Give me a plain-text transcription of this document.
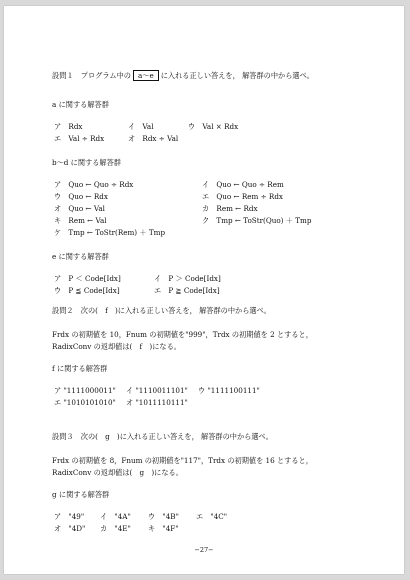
設問１　プログラム中の a〜e に入れる正しい答えを， 解答群の中から選べ。
a に関する解答群
ア　 Rdx	イ　 Val	ウ　 Val × Rdx
エ　 Val ÷ Rdx	オ　 Rdx ÷ Val
b〜d に関する解答群
ア　 Quo ← Quo ÷ Rdx	イ　 Quo ← Quo ÷ Rem
ウ　 Quo ← Rdx	エ　 Quo ← Rem ÷ Rdx
オ　 Quo ← Val	カ　 Rem ← Rdx
キ　 Rem ← Val	ク　 Tmp ← ToStr(Quo) ＋ Tmp
ケ　 Tmp ← ToStr(Rem) ＋ Tmp
e に関する解答群
ア　 P ＜ Code[Idx]	イ　 P ＞ Code[Idx]
ウ　 P ≦ Code[Idx]	エ　 P ≧ Code[Idx]
設問２　次の(　f　)に入れる正しい答えを， 解答群の中から選べ。
Frdx の初期値を 10，Fnum の初期値を"999"，Trdx の初期値を 2 とすると，
RadixConv の返却値は(　f　)になる。
f に関する解答群
ア "1111000011" イ "1110011101" ウ "1111100111"
エ "1010101010" オ "1011110111"
設問３　次の(　g　)に入れる正しい答えを， 解答群の中から選べ。
Frdx の初期値を 8，Fnum の初期値を"117"，Trdx の初期値を 16 とすると，
RadixConv の返却値は(　g　)になる。
g に関する解答群
ア　 "49" イ　 "4A" ウ　 "4B" エ　 "4C"
オ　 "4D" カ　 "4E" キ　 "4F"
−27−
